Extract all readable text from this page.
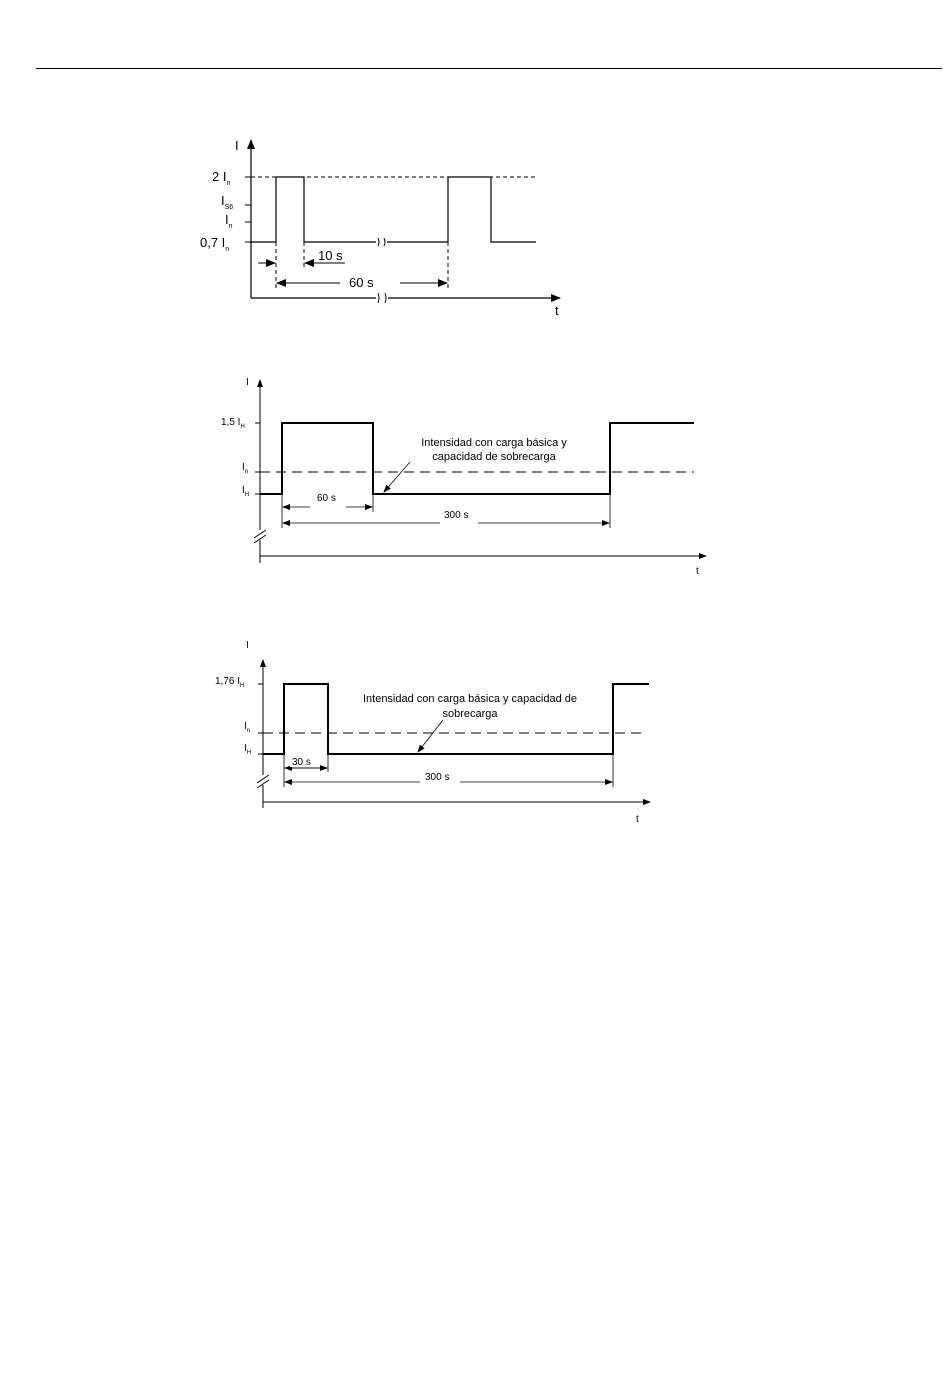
I
t
2 $I_n$
$I_{S6}$
$I_n$
0,7 $I_n$	10 s
60 s
I
t
1,5 $I_H$
$I_n$
$I_H$	60 s
300 s
Intensidad con carga básica y
capacidad de sobrecarga
I
t
1,76 $I_H$
$I_n$
$I_H$
30 s
300 s
Intensidad con carga básica y capacidad de
sobrecarga
